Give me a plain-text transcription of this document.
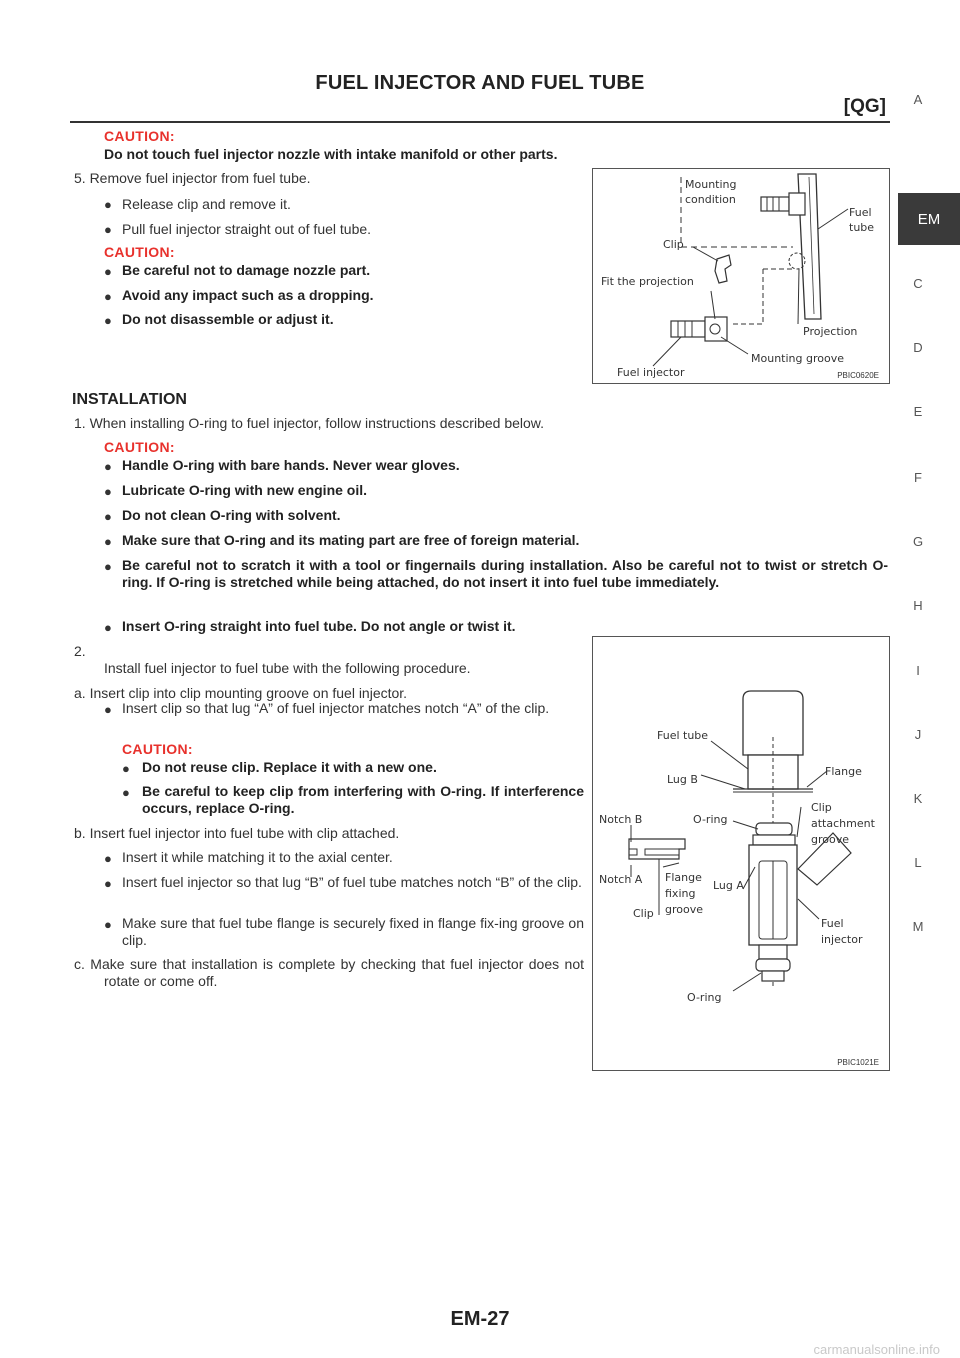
FUEL INJECTOR AND FUEL TUBE
[QG]	A
EM
C
D
E
F
G
H
I
J
K
L
M
CAUTION:
Do not touch fuel injector nozzle with intake manifold or other parts.
5. Remove fuel injector from fuel tube.
● Release clip and remove it.
● Pull fuel injector straight out of fuel tube.
CAUTION:
● Be careful not to damage nozzle part.
● Avoid any impact such as a dropping.
● Do not disassemble or adjust it.
Mounting
condition
Fuel
tube
Clip
Fit the projection
Projection
Mounting groove
Fuel injector	PBIC0620E
INSTALLATION
1. When installing O-ring to fuel injector, follow instructions described below.
CAUTION:
● Handle O-ring with bare hands. Never wear gloves.
● Lubricate O-ring with new engine oil.
● Do not clean O-ring with solvent.
● Make sure that O-ring and its mating part are free of foreign material.
● Be careful not to scratch it with a tool or fingernails during installation. Also be careful not to twist or stretch O-ring. If O-ring is stretched while being attached, do not insert it into fuel tube immediately.
● Insert O-ring straight into fuel tube. Do not angle or twist it.
2.
Install fuel injector to fuel tube with the following procedure.
a. Insert clip into clip mounting groove on fuel injector.
● Insert clip so that lug “A” of fuel injector matches notch “A” of the clip.
CAUTION:
● Do not reuse clip. Replace it with a new one.
● Be careful to keep clip from interfering with O-ring. If interference occurs, replace O-ring.
b. Insert fuel injector into fuel tube with clip attached.
● Insert it while matching it to the axial center.
● Insert fuel injector so that lug “B” of fuel tube matches notch “B” of the clip.
● Make sure that fuel tube flange is securely fixed in flange fix-ing groove on clip.
c. Make sure that installation is complete by checking that fuel injector does not rotate or come off.
Fuel tube
Lug B
Flange
Notch B	O-ring
Clip
attachment
groove
Notch A Flange
fixing
groove
Clip
Lug A
Fuel
injector
O-ring
PBIC1021E
EM-27
carmanualsonline.info
